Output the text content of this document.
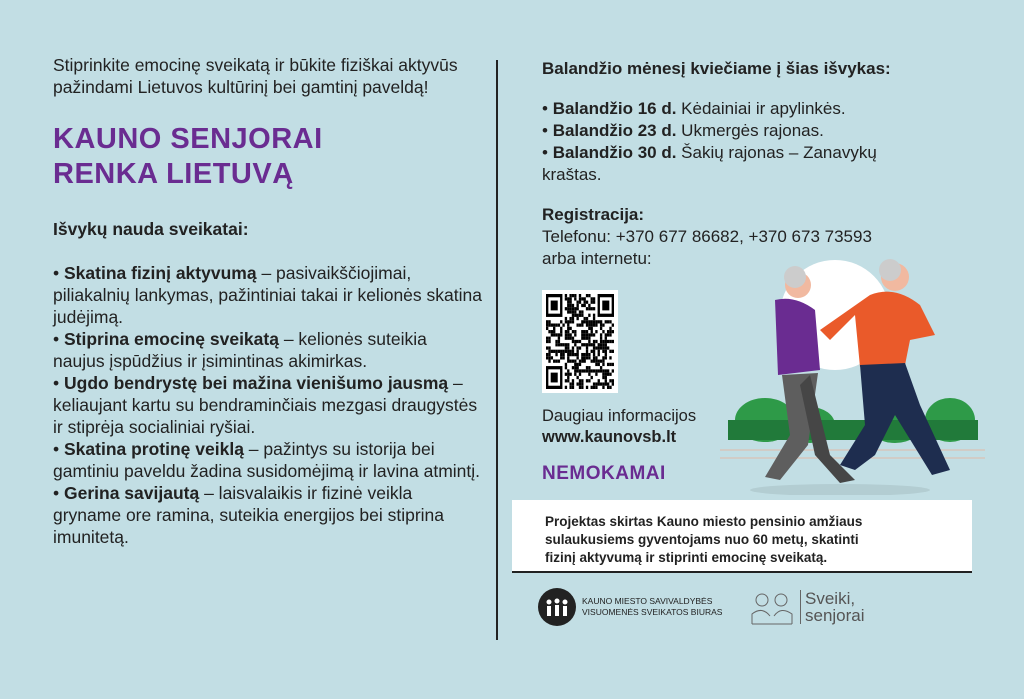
Stiprinkite emocinę sveikatą ir būkite fiziškai aktyvūs pažindami Lietuvos kultūrinį bei gamtinį paveldą!

KAUNO SENJORAI
RENKA LIETUVĄ

Išvykų nauda sveikatai:

• Skatina fizinį aktyvumą – pasivaikščiojimai, piliakalnių lankymas, pažintiniai takai ir kelionės skatina judėjimą.

• Stiprina emocinę sveikatą – kelionės suteikia naujus įspūdžius ir įsimintinas akimirkas.

• Ugdo bendrystę bei mažina vienišumo jausmą – keliaujant kartu su bendraminčiais mezgasi draugystės ir stiprėja socialiniai ryšiai.

• Skatina protinę veiklą – pažintys su istorija bei gamtiniu paveldu žadina susidomėjimą ir lavina atmintį.

• Gerina savijautą – laisvalaikis ir fizinė veikla gryname ore ramina, suteikia energijos bei stiprina imunitetą.

Balandžio mėnesį kviečiame į šias išvykas:

• Balandžio 16 d. Kėdainiai ir apylinkės.

• Balandžio 23 d. Ukmergės rajonas.

• Balandžio 30 d. Šakių rajonas – Zanavykų kraštas.

Registracija:

Telefonu: +370 677 86682, +370 673 73593

arba internetu:

Daugiau informacijos

www.kaunovsb.lt

NEMOKAMAI

Projektas skirtas Kauno miesto pensinio amžiaus sulaukusiems gyventojams nuo 60 metų, skatinti fizinį aktyvumą ir stiprinti emocinę sveikatą.

KAUNO MIESTO SAVIVALDYBĖS

VISUOMENĖS SVEIKATOS BIURAS

Sveiki,

senjorai
